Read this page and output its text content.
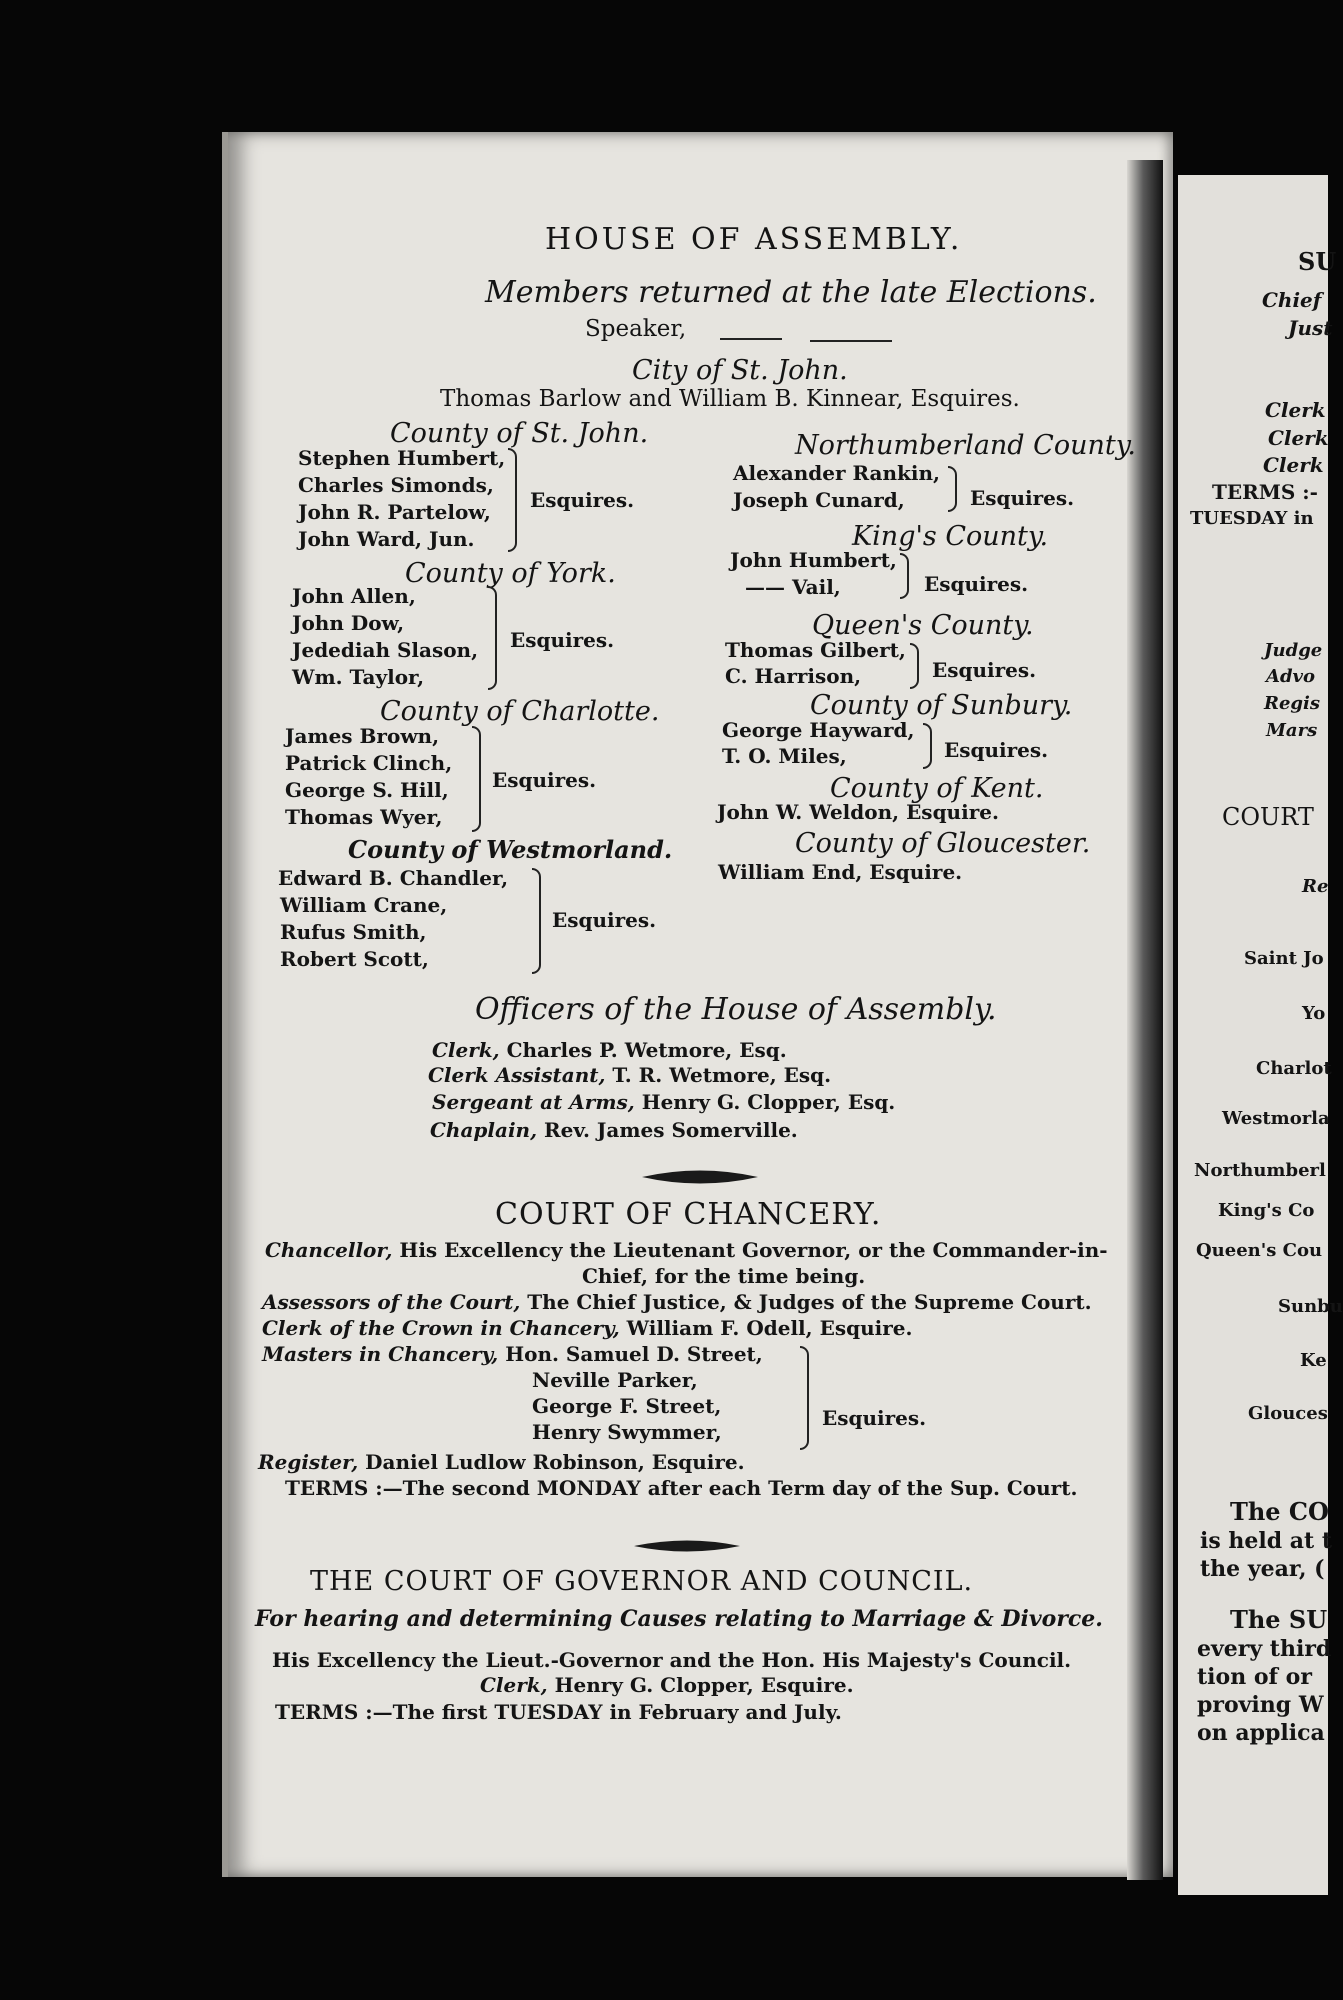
HOUSE OF ASSEMBLY.
Members returned at the late Elections.
Speaker,
City of St. John.
Thomas Barlow and William B. Kinnear, Esquires.
County of St. John.
Stephen Humbert,
Charles Simonds,
John R. Partelow,
John Ward, Jun.
Esquires.
County of York.
John Allen,
John Dow,
Jedediah Slason,
Wm. Taylor,
Esquires.
County of Charlotte.
James Brown,
Patrick Clinch,
George S. Hill,
Thomas Wyer,
Esquires.
County of Westmorland.
Edward B. Chandler,
William Crane,
Rufus Smith,
Robert Scott,
Esquires.
Northumberland County.
Alexander Rankin,
Joseph Cunard,	Esquires.
King's County.
John Humbert,
—— Vail,	Esquires.
Queen's County.
Thomas Gilbert,
C. Harrison,	Esquires.
County of Sunbury.
George Hayward,
T. O. Miles,	Esquires.
County of Kent.
John W. Weldon, Esquire.
County of Gloucester.
William End, Esquire.
Officers of the House of Assembly.
Clerk, Charles P. Wetmore, Esq.
Clerk Assistant, T. R. Wetmore, Esq.
Sergeant at Arms, Henry G. Clopper, Esq.
Chaplain, Rev. James Somerville.
COURT OF CHANCERY.
Chancellor, His Excellency the Lieutenant Governor, or the Commander-in-
Chief, for the time being.
Assessors of the Court, The Chief Justice, & Judges of the Supreme Court.
Clerk of the Crown in Chancery, William F. Odell, Esquire.
Masters in Chancery, Hon. Samuel D. Street,
Neville Parker,
George F. Street,
Henry Swymmer,
Esquires.
Register, Daniel Ludlow Robinson, Esquire.
TERMS :—The second MONDAY after each Term day of the Sup. Court.
THE COURT OF GOVERNOR AND COUNCIL.
For hearing and determining Causes relating to Marriage & Divorce.
His Excellency the Lieut.-Governor and the Hon. His Majesty's Council.
Clerk, Henry G. Clopper, Esquire.
TERMS :—The first TUESDAY in February and July.
SU
Chief
Just
Clerk
Clerk
Clerk
TERMS :-
TUESDAY in
Judge
Advo
Regis
Mars
COURT
Re
Saint Jo
Yo
Charlot
Westmorla
Northumberl
King's Co
Queen's Cou
Sunbu
Ke
Glouces
The CO
is held at t
the year, (
The SU
every third
tion of or
proving W
on applica
